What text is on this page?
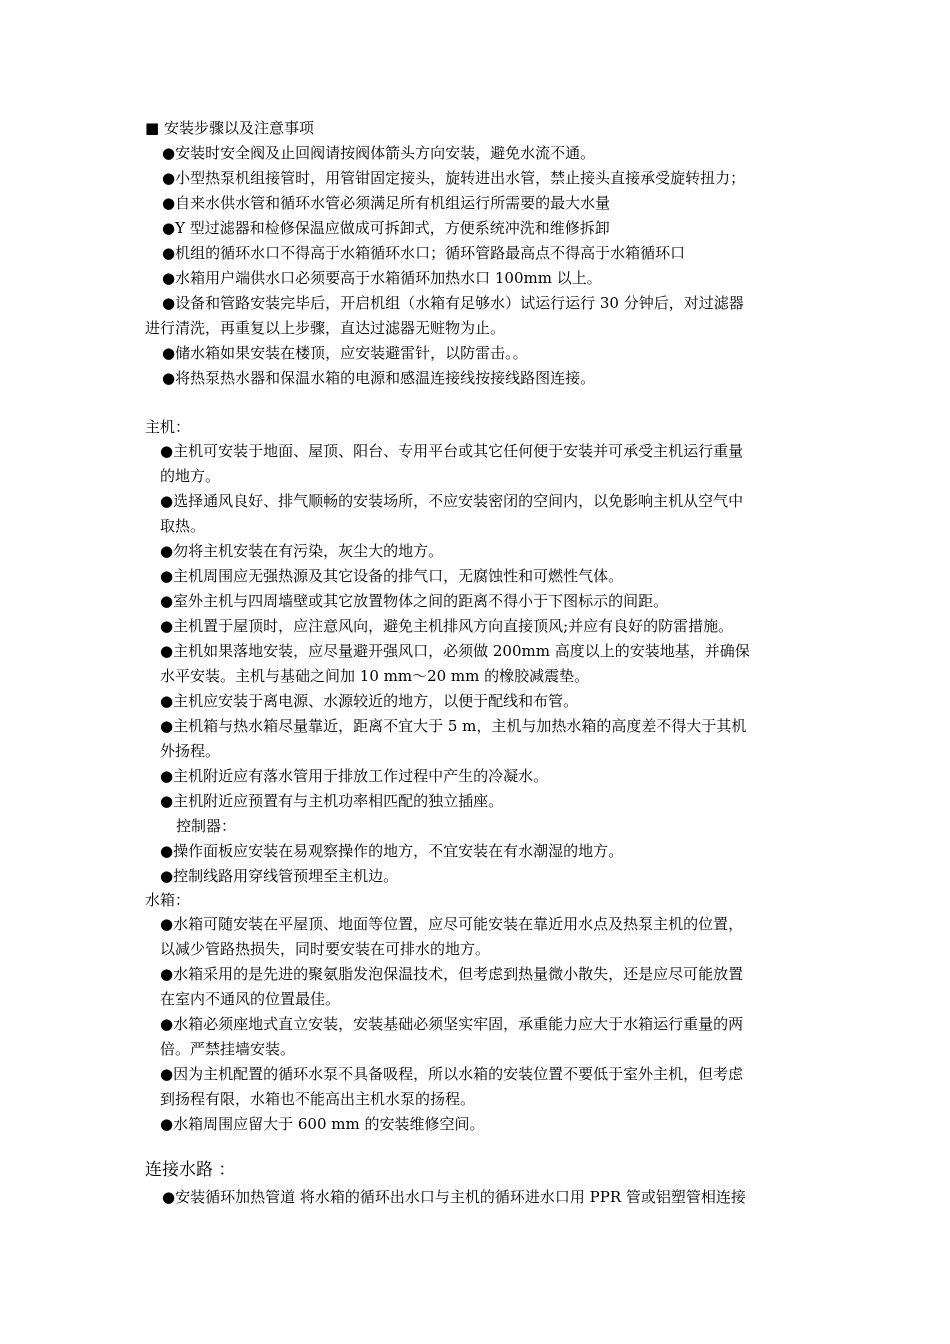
■ 安装步骤以及注意事项
●安装时安全阀及止回阀请按阀体箭头方向安装，避免水流不通。
●小型热泵机组接管时，用管钳固定接头，旋转进出水管，禁止接头直接承受旋转扭力；
●自来水供水管和循环水管必须满足所有机组运行所需要的最大水量
●Y 型过滤器和检修保温应做成可拆卸式，方便系统冲洗和维修拆卸
●机组的循环水口不得高于水箱循环水口；循环管路最高点不得高于水箱循环口
●水箱用户端供水口必须要高于水箱循环加热水口 100mm 以上。
●设备和管路安装完毕后，开启机组（水箱有足够水）试运行运行 30 分钟后，对过滤器
进行清洗，再重复以上步骤，直达过滤器无赃物为止。
●储水箱如果安装在楼顶，应安装避雷针，以防雷击。。
●将热泵热水器和保温水箱的电源和感温连接线按接线路图连接。
主机：
●主机可安装于地面、屋顶、阳台、专用平台或其它任何便于安装并可承受主机运行重量
的地方。
●选择通风良好、排气顺畅的安装场所，不应安装密闭的空间内，以免影响主机从空气中
取热。
●勿将主机安装在有污染，灰尘大的地方。
●主机周围应无强热源及其它设备的排气口，无腐蚀性和可燃性气体。
●室外主机与四周墙壁或其它放置物体之间的距离不得小于下图标示的间距。
●主机置于屋顶时，应注意风向，避免主机排风方向直接顶风;并应有良好的防雷措施。
●主机如果落地安装，应尽量避开强风口，必须做 200mm 高度以上的安装地基，并确保
水平安装。主机与基础之间加 10 mm～20 mm 的橡胶减震垫。
●主机应安装于离电源、水源较近的地方，以便于配线和布管。
●主机箱与热水箱尽量靠近，距离不宜大于 5 m，主机与加热水箱的高度差不得大于其机
外扬程。
●主机附近应有落水管用于排放工作过程中产生的冷凝水。
●主机附近应预置有与主机功率相匹配的独立插座。
控制器：
●操作面板应安装在易观察操作的地方，不宜安装在有水潮湿的地方。
●控制线路用穿线管预埋至主机边。
水箱：
●水箱可随安装在平屋顶、地面等位置，应尽可能安装在靠近用水点及热泵主机的位置，
以减少管路热损失，同时要安装在可排水的地方。
●水箱采用的是先进的聚氨脂发泡保温技术，但考虑到热量微小散失，还是应尽可能放置
在室内不通风的位置最佳。
●水箱必须座地式直立安装，安装基础必须坚实牢固，承重能力应大于水箱运行重量的两
倍。严禁挂墙安装。
●因为主机配置的循环水泵不具备吸程，所以水箱的安装位置不要低于室外主机，但考虑
到扬程有限，水箱也不能高出主机水泵的扬程。
●水箱周围应留大于 600 mm 的安装维修空间。
连接水路 ：
●安装循环加热管道 将水箱的循环出水口与主机的循环进水口用 PPR 管或铝塑管相连接
